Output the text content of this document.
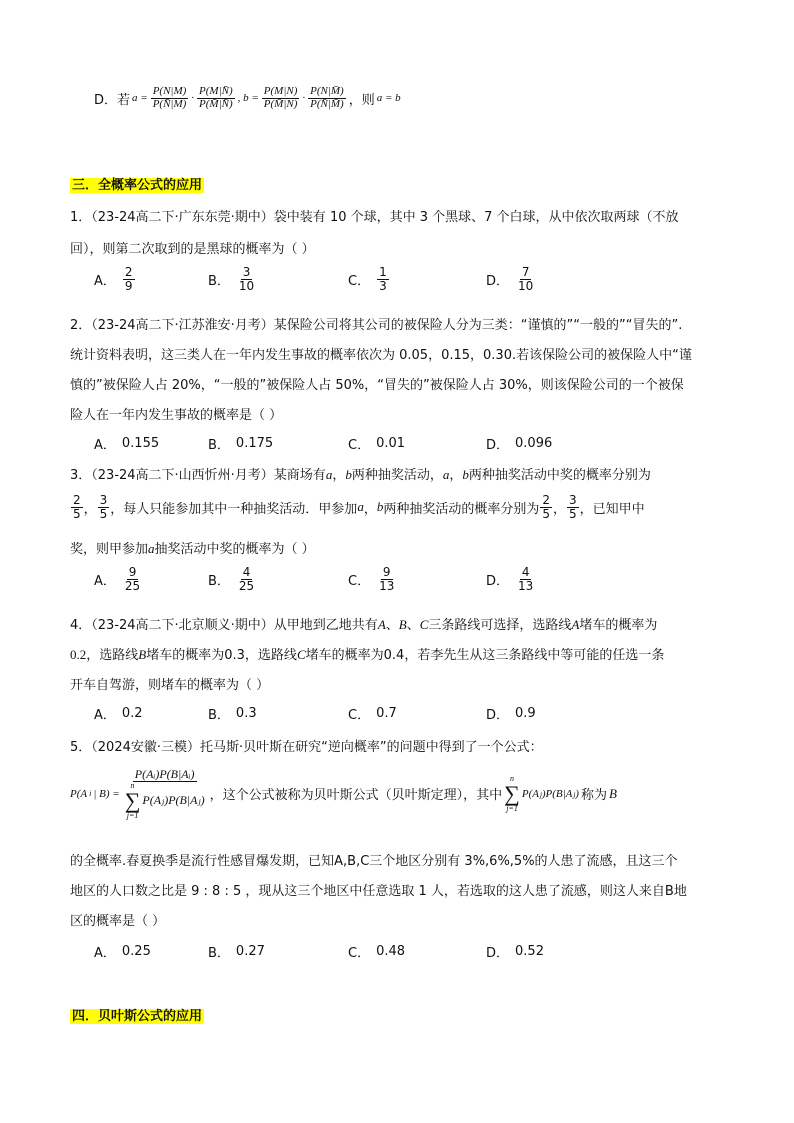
D．若 $a = \frac{P(N|M)}{P(N̄|M)} \cdot \frac{P(M|N̄)}{P(M̄|N̄)}$ , $b = \frac{P(M|N)}{P(M̄|N)} \cdot \frac{P(N|M̄)}{P(N̄|M̄)}$ ，则 a = b
三．全概率公式的应用
1．（23-24高二下·广东东莞·期中）袋中装有 10 个球，其中 3 个黑球、7 个白球，从中依次取两球（不放
回），则第二次取到的是黑球的概率为（ ）
A． $\frac{2}{9}$	B． $\frac{3}{10}$	C． $\frac{1}{3}$	D． $\frac{7}{10}$
2．（23-24高二下·江苏淮安·月考）某保险公司将其公司的被保险人分为三类：“谨慎的”“一般的”“冒失的”.
统计资料表明，这三类人在一年内发生事故的概率依次为 0.05，0.15，0.30.若该保险公司的被保险人中“谨
慎的”被保险人占 20%，“一般的”被保险人占 50%，“冒失的”被保险人占 30%，则该保险公司的一个被保
险人在一年内发生事故的概率是（ ）
A． 0.155	B． 0.175	C． 0.01	D． 0.096
3．（23-24高二下·山西忻州·月考）某商场有a，b两种抽奖活动，a，b两种抽奖活动中奖的概率分别为
$\frac{2}{5}$ ， $\frac{3}{5}$ ，每人只能参加其中一种抽奖活动．甲参加 a ， b 两种抽奖活动的概率分别为 $\frac{2}{5}$ ， $\frac{3}{5}$ ，已知甲中
奖，则甲参加a抽奖活动中奖的概率为（ ）
A． $\frac{9}{25}$	B． $\frac{4}{25}$	C． $\frac{9}{13}$	D． $\frac{4}{13}$
4．（23-24高二下·北京顺义·期中）从甲地到乙地共有A、B、C三条路线可选择，选路线A堵车的概率为
0.2，选路线B堵车的概率为0.3，选路线C堵车的概率为0.4，若李先生从这三条路线中等可能的任选一条
开车自驾游，则堵车的概率为（ ）
A． 0.2	B． 0.3	C． 0.7	D． 0.9
5．（2024安徽·三模）托马斯·贝叶斯在研究“逆向概率”的问题中得到了一个公式：
P(A i | B) = P(Aᵢ)P(B|Aᵢ)
n
∑
j=1
P(Aⱼ)P(B|Aⱼ) ，这个公式被称为贝叶斯公式（贝叶斯定理），其中
n
∑
j=1
P(Aⱼ)P(B|Aⱼ) 称为 B
的全概率.春夏换季是流行性感冒爆发期，已知A,B,C三个地区分别有 3%,6%,5%的人患了流感，且这三个
地区的人口数之比是 9 : 8 : 5 ，现从这三个地区中任意选取 1 人，若选取的这人患了流感，则这人来自B地
区的概率是（ ）
A． 0.25	B． 0.27	C． 0.48	D． 0.52
四．贝叶斯公式的应用
